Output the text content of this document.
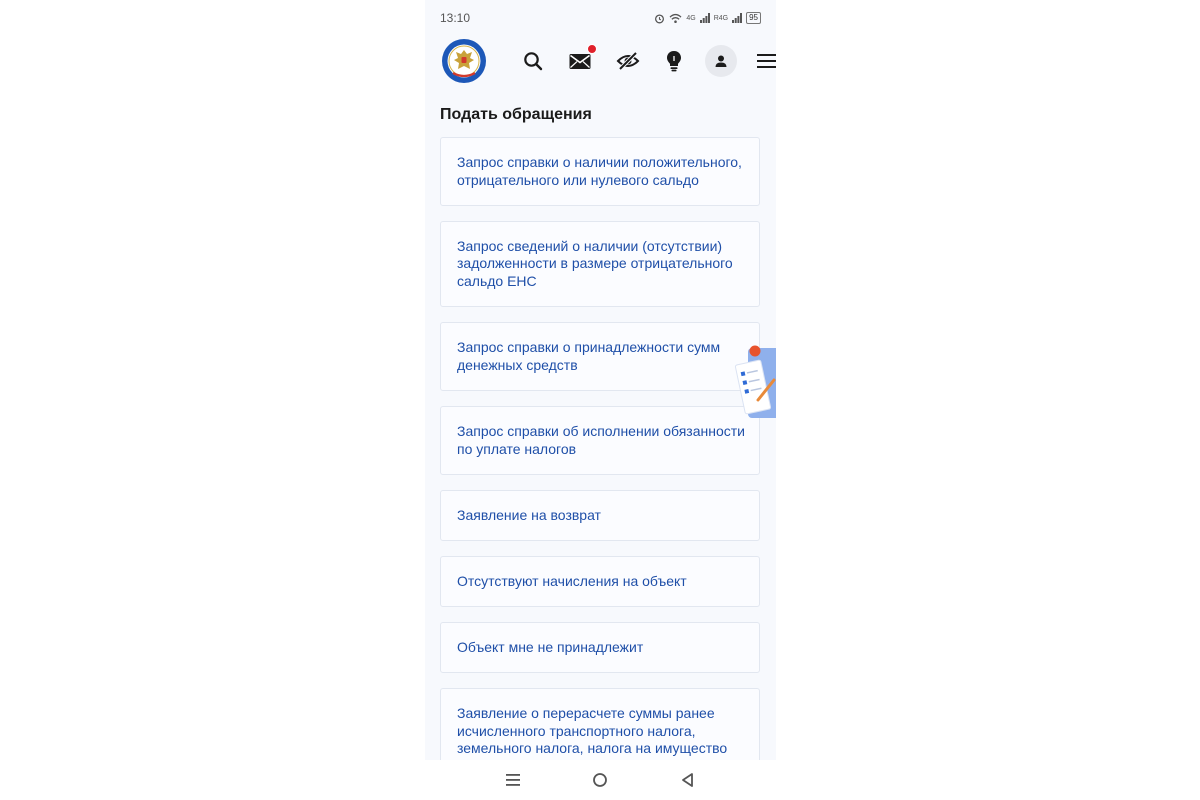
13:10	4G	R4G	95
Подать обращения
Запрос справки о наличии положительного, отрицательного или нулевого сальдо
Запрос сведений о наличии (отсутствии) задолженности в размере отрицательного сальдо ЕНС
Запрос справки о принадлежности сумм денежных средств
Запрос справки об исполнении обязанности по уплате налогов
Заявление на возврат
Отсутствуют начисления на объект
Объект мне не принадлежит
Заявление о перерасчете суммы ранее исчисленного транспортного налога, земельного налога, налога на имущество
